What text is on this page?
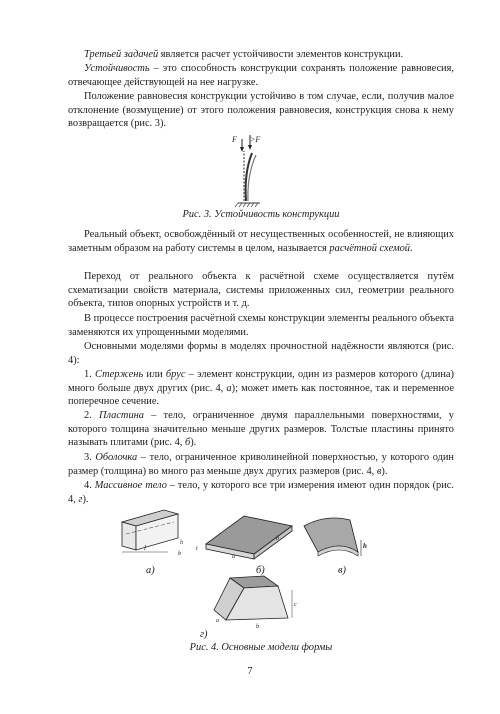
Третьей задачей является расчет устойчивости элементов конструкции.

Устойчивость – это способность конструкции сохранять положение равновесия, отвечающее действующей на нее нагрузке.

Положение равновесия конструкции устойчиво в том случае, если, получив малое отклонение (возмущение) от этого положения равновесия, конструкция снова к нему возвращается (рис. 3).

F >F
Рис. 3. Устойчивость конструкции

Реальный объект, освобождённый от несущественных особенностей, не влияющих заметным образом на работу системы в целом, называется расчётной схемой.

Переход от реального объекта к расчётной схеме осуществляется путём схематизации свойств материала, системы приложенных сил, геометрии реального объекта, типов опорных устройств и т. д.

В процессе построения расчётной схемы конструкции элементы реального объекта заменяются их упрощенными моделями.

Основными моделями формы в моделях прочностной надёжности являются (рис. 4):

1. Стержень или брус – элемент конструкции, один из размеров которого (длина) много больше двух других (рис. 4, а); может иметь как постоянное, так и переменное поперечное сечение.

2. Пластина – тело, ограниченное двумя параллельными поверхностями, у которого толщина значительно меньше других размеров. Толстые пластины принято называть плитами (рис. 4, б).

3. Оболочка – тело, ограниченное криволинейной поверхностью, у которого один размер (толщина) во много раз меньше двух других размеров (рис. 4, в).

4. Массивное тело – тело, у которого все три измерения имеют один порядок (рис. 4, г).

l
h
b
а)
t
a
b
б)
h
в)
c
a
b
г)
Рис. 4. Основные модели формы
7
